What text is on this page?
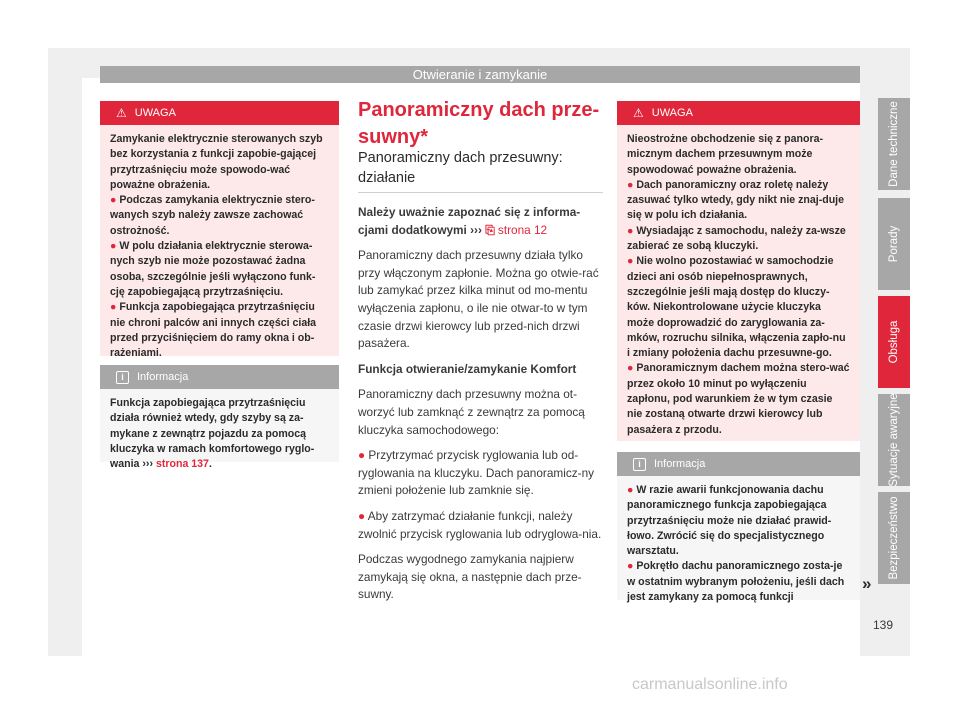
Otwieranie i zamykanie
⚠ UWAGA

Zamykanie elektrycznie sterowanych szyb bez korzystania z funkcji zapobie-gającej przytrzaśnięciu może spowodo-wać poważne obrażenia.

● Podczas zamykania elektrycznie stero-wanych szyb należy zawsze zachować ostrożność.

● W polu działania elektrycznie sterowa-nych szyb nie może pozostawać żadna osoba, szczególnie jeśli wyłączono funk-cję zapobiegającą przytrzaśnięciu.

● Funkcja zapobiegająca przytrzaśnięciu nie chroni palców ani innych części ciała przed przyciśnięciem do ramy okna i ob-rażeniami.

i Informacja

Funkcja zapobiegająca przytrzaśnięciu działa również wtedy, gdy szyby są za-mykane z zewnątrz pojazdu za pomocą kluczyka w ramach komfortowego ryglo-wania ››› strona 137.

Panoramiczny dach prze-suwny*
Panoramiczny dach przesuwny: działanie

Należy uważnie zapoznać się z informa-cjami dodatkowymi ››› ⎘ strona 12

Panoramiczny dach przesuwny działa tylko przy włączonym zapłonie. Można go otwie-rać lub zamykać przez kilka minut od mo-mentu wyłączenia zapłonu, o ile nie otwar-to w tym czasie drzwi kierowcy lub przed-nich drzwi pasażera.

Funkcja otwieranie/zamykanie Komfort

Panoramiczny dach przesuwny można ot-worzyć lub zamknąć z zewnątrz za pomocą kluczyka samochodowego:

● Przytrzymać przycisk ryglowania lub od-ryglowania na kluczyku. Dach panoramicz-ny zmieni położenie lub zamknie się.

● Aby zatrzymać działanie funkcji, należy zwolnić przycisk ryglowania lub odryglowa-nia.

Podczas wygodnego zamykania najpierw zamykają się okna, a następnie dach prze-suwny.

⚠ UWAGA

Nieostrożne obchodzenie się z panora-micznym dachem przesuwnym może spowodować poważne obrażenia.

● Dach panoramiczny oraz roletę należy zasuwać tylko wtedy, gdy nikt nie znaj-duje się w polu ich działania.

● Wysiadając z samochodu, należy za-wsze zabierać ze sobą kluczyki.

● Nie wolno pozostawiać w samochodzie dzieci ani osób niepełnosprawnych, szczególnie jeśli mają dostęp do kluczy-ków. Niekontrolowane użycie kluczyka może doprowadzić do zaryglowania za-mków, rozruchu silnika, włączenia zapło-nu i zmiany położenia dachu przesuwne-go.

● Panoramicznym dachem można stero-wać przez około 10 minut po wyłączeniu zapłonu, pod warunkiem że w tym czasie nie zostaną otwarte drzwi kierowcy lub pasażera z przodu.

i Informacja

● W razie awarii funkcjonowania dachu panoramicznego funkcja zapobiegająca przytrzaśnięciu może nie działać prawid-łowo. Zwrócić się do specjalistycznego warsztatu.

● Pokrętło dachu panoramicznego zosta-je w ostatnim wybranym położeniu, jeśli dach jest zamykany za pomocą funkcji

»
Dane techniczne
Porady
Obsługa
Sytuacje awaryjne
Bezpieczeństwo
139
carmanualsonline.info
